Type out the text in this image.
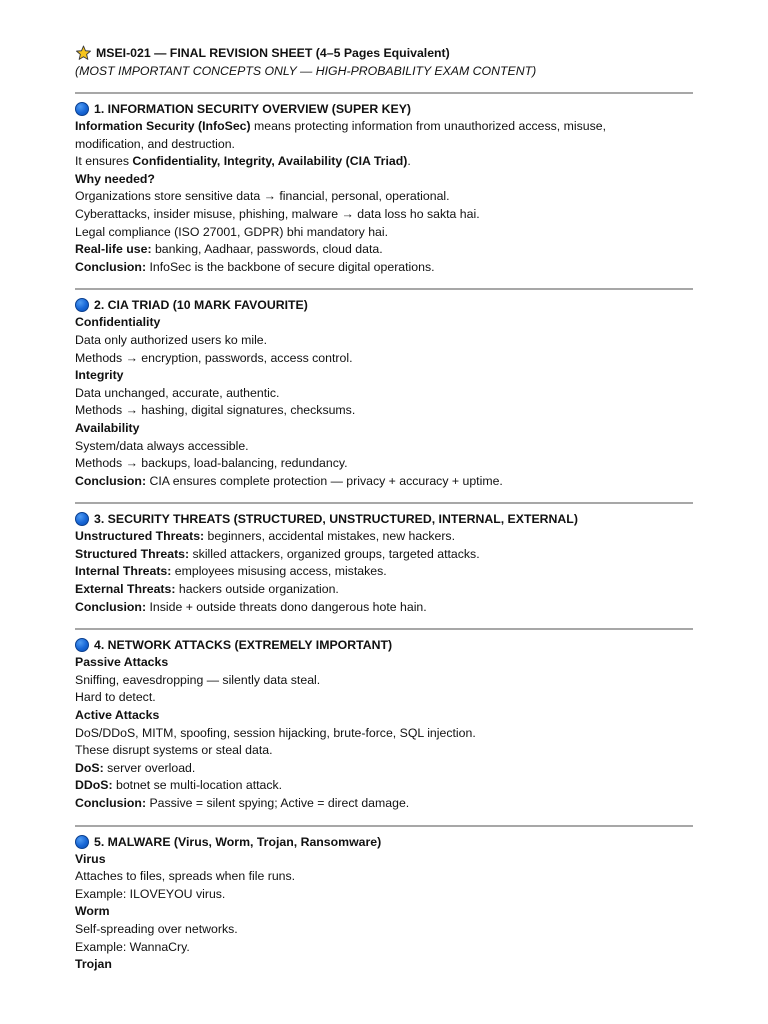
MSEI-021 — FINAL REVISION SHEET (4–5 Pages Equivalent)
(MOST IMPORTANT CONCEPTS ONLY — HIGH-PROBABILITY EXAM CONTENT)
1. INFORMATION SECURITY OVERVIEW (SUPER KEY)
Information Security (InfoSec) means protecting information from unauthorized access, misuse,
modification, and destruction.
It ensures Confidentiality, Integrity, Availability (CIA Triad).
Why needed?
Organizations store sensitive data → financial, personal, operational.
Cyberattacks, insider misuse, phishing, malware → data loss ho sakta hai.
Legal compliance (ISO 27001, GDPR) bhi mandatory hai.
Real-life use: banking, Aadhaar, passwords, cloud data.
Conclusion: InfoSec is the backbone of secure digital operations.
2. CIA TRIAD (10 MARK FAVOURITE)
Confidentiality
Data only authorized users ko mile.
Methods → encryption, passwords, access control.
Integrity
Data unchanged, accurate, authentic.
Methods → hashing, digital signatures, checksums.
Availability
System/data always accessible.
Methods → backups, load-balancing, redundancy.
Conclusion: CIA ensures complete protection — privacy + accuracy + uptime.
3. SECURITY THREATS (STRUCTURED, UNSTRUCTURED, INTERNAL, EXTERNAL)
Unstructured Threats: beginners, accidental mistakes, new hackers.
Structured Threats: skilled attackers, organized groups, targeted attacks.
Internal Threats: employees misusing access, mistakes.
External Threats: hackers outside organization.
Conclusion: Inside + outside threats dono dangerous hote hain.
4. NETWORK ATTACKS (EXTREMELY IMPORTANT)
Passive Attacks
Sniffing, eavesdropping — silently data steal.
Hard to detect.
Active Attacks
DoS/DDoS, MITM, spoofing, session hijacking, brute-force, SQL injection.
These disrupt systems or steal data.
DoS: server overload.
DDoS: botnet se multi-location attack.
Conclusion: Passive = silent spying; Active = direct damage.
5. MALWARE (Virus, Worm, Trojan, Ransomware)
Virus
Attaches to files, spreads when file runs.
Example: ILOVEYOU virus.
Worm
Self-spreading over networks.
Example: WannaCry.
Trojan
